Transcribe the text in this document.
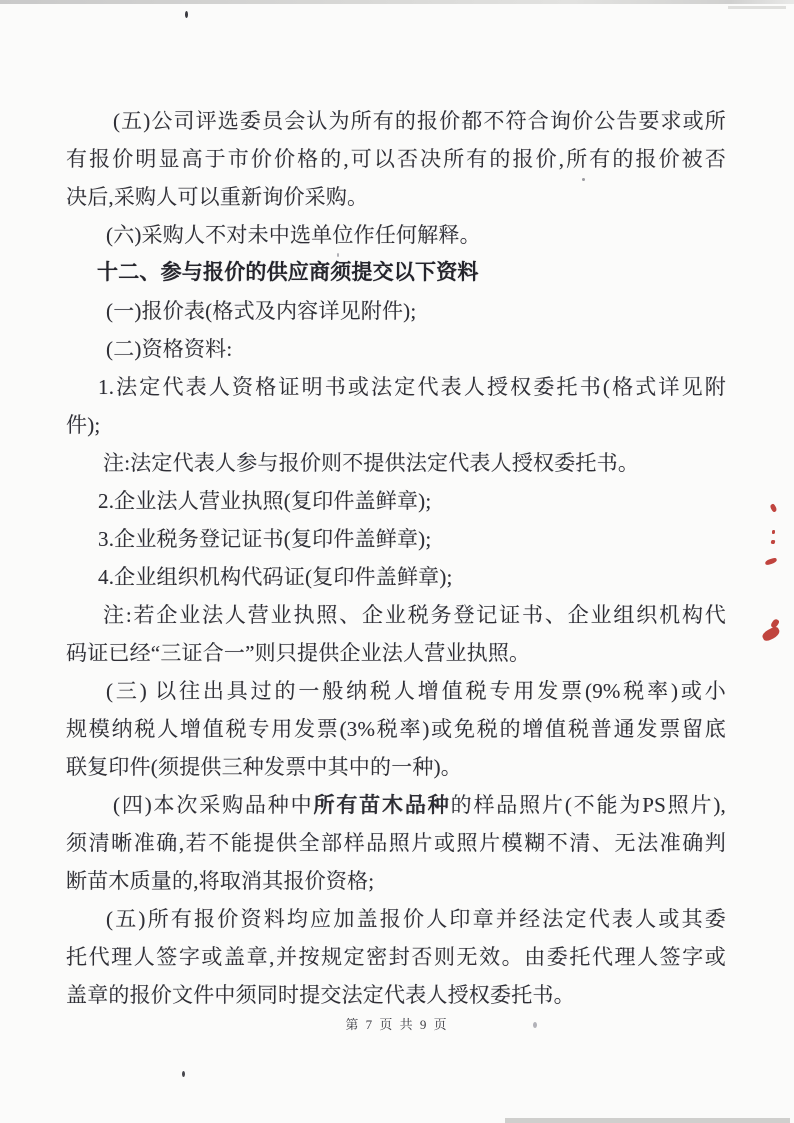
(五)公司评选委员会认为所有的报价都不符合询价公告要求或所
有报价明显高于市价价格的,可以否决所有的报价,所有的报价被否
决后,采购人可以重新询价采购。
(六)采购人不对未中选单位作任何解释。
十二、参与报价的供应商须提交以下资料
(一)报价表(格式及内容详见附件);
(二)资格资料:
1.法定代表人资格证明书或法定代表人授权委托书(格式详见附
件);
注:法定代表人参与报价则不提供法定代表人授权委托书。
2.企业法人营业执照(复印件盖鲜章);
3.企业税务登记证书(复印件盖鲜章);
4.企业组织机构代码证(复印件盖鲜章);
注:若企业法人营业执照、企业税务登记证书、企业组织机构代
码证已经“三证合一”则只提供企业法人营业执照。
(三) 以往出具过的一般纳税人增值税专用发票(9%税率)或小
规模纳税人增值税专用发票(3%税率)或免税的增值税普通发票留底
联复印件(须提供三种发票中其中的一种)。
(四)本次采购品种中所有苗木品种的样品照片(不能为PS照片),
须清晰准确,若不能提供全部样品照片或照片模糊不清、无法准确判
断苗木质量的,将取消其报价资格;
(五)所有报价资料均应加盖报价人印章并经法定代表人或其委
托代理人签字或盖章,并按规定密封否则无效。由委托代理人签字或
盖章的报价文件中须同时提交法定代表人授权委托书。
第 7 页 共 9 页
